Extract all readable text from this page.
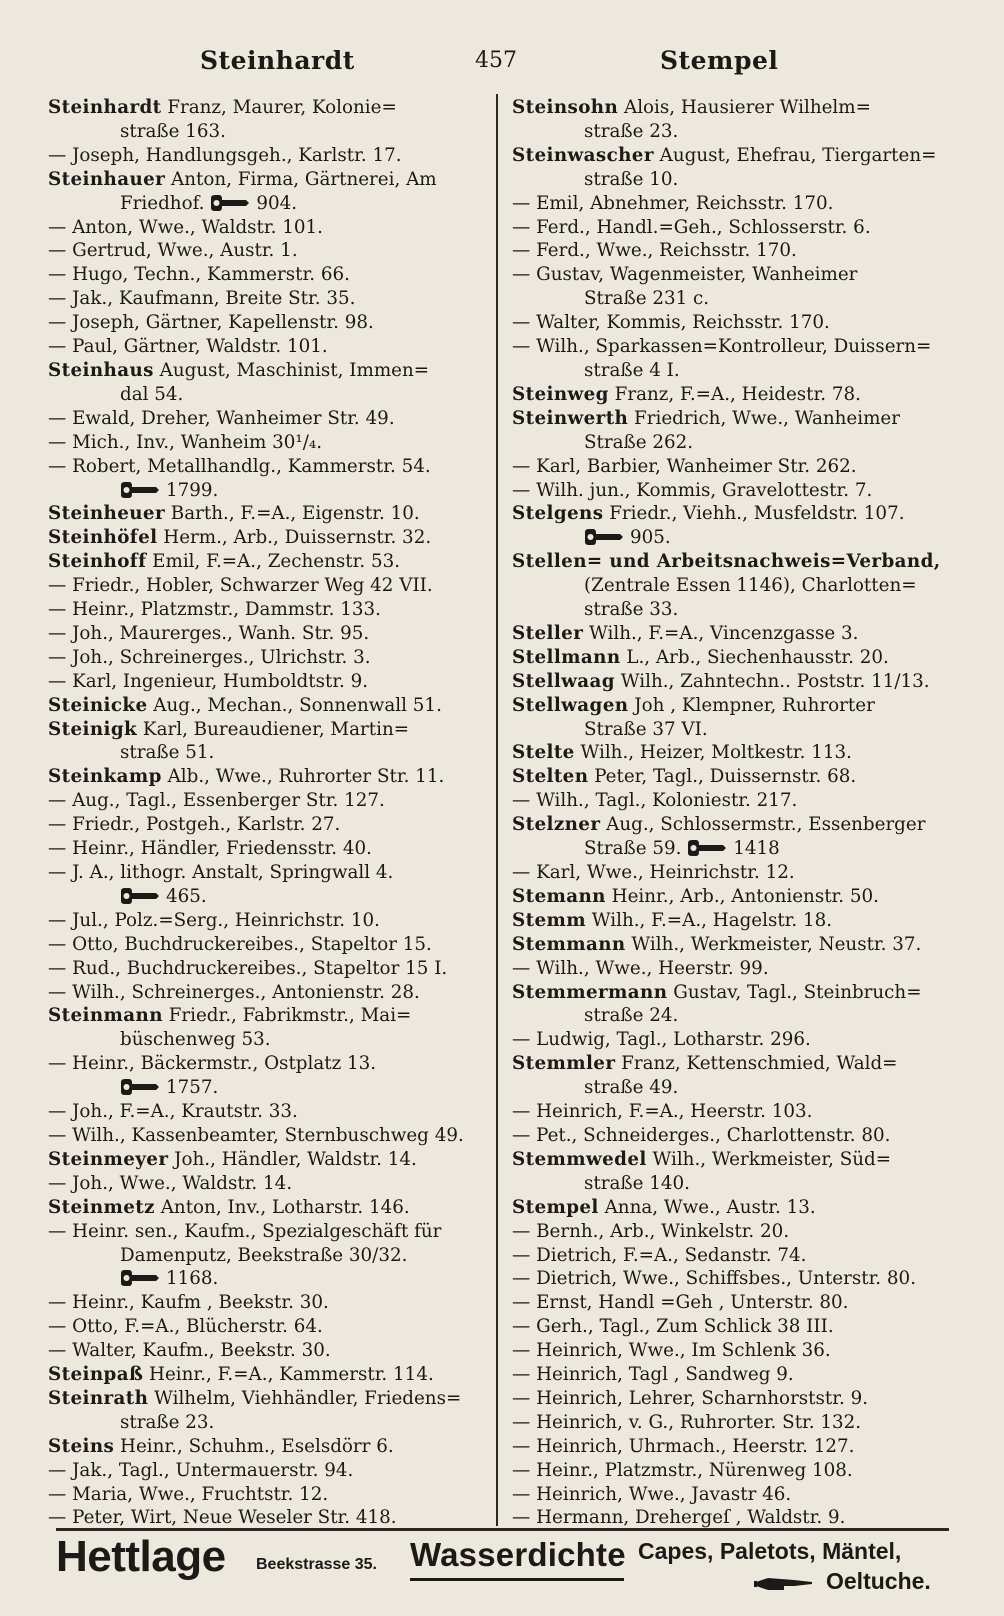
Steinhardt	457	Stempel
Steinhardt Franz, Maurer, Kolonie=
straße 163.
— Joseph, Handlungsgeh., Karlstr. 17.
Steinhauer Anton, Firma, Gärtnerei, Am
Friedhof.	904.
— Anton, Wwe., Waldstr. 101.
— Gertrud, Wwe., Austr. 1.
— Hugo, Techn., Kammerstr. 66.
— Jak., Kaufmann, Breite Str. 35.
— Joseph, Gärtner, Kapellenstr. 98.
— Paul, Gärtner, Waldstr. 101.
Steinhaus August, Maschinist, Immen=
dal 54.
— Ewald, Dreher, Wanheimer Str. 49.
— Mich., Inv., Wanheim 30¹/₄.
— Robert, Metallhandlg., Kammerstr. 54.
1799.
Steinheuer Barth., F.=A., Eigenstr. 10.
Steinhöfel Herm., Arb., Duissernstr. 32.
Steinhoff Emil, F.=A., Zechenstr. 53.
— Friedr., Hobler, Schwarzer Weg 42 VII.
— Heinr., Platzmstr., Dammstr. 133.
— Joh., Maurerges., Wanh. Str. 95.
— Joh., Schreinerges., Ulrichstr. 3.
— Karl, Ingenieur, Humboldtstr. 9.
Steinicke Aug., Mechan., Sonnenwall 51.
Steinigk Karl, Bureaudiener, Martin=
straße 51.
Steinkamp Alb., Wwe., Ruhrorter Str. 11.
— Aug., Tagl., Essenberger Str. 127.
— Friedr., Postgeh., Karlstr. 27.
— Heinr., Händler, Friedensstr. 40.
— J. A., lithogr. Anstalt, Springwall 4.
465.
— Jul., Polz.=Serg., Heinrichstr. 10.
— Otto, Buchdruckereibes., Stapeltor 15.
— Rud., Buchdruckereibes., Stapeltor 15 I.
— Wilh., Schreinerges., Antonienstr. 28.
Steinmann Friedr., Fabrikmstr., Mai=
büschenweg 53.
— Heinr., Bäckermstr., Ostplatz 13.
1757.
— Joh., F.=A., Krautstr. 33.
— Wilh., Kassenbeamter, Sternbuschweg 49.
Steinmeyer Joh., Händler, Waldstr. 14.
— Joh., Wwe., Waldstr. 14.
Steinmetz Anton, Inv., Lotharstr. 146.
— Heinr. sen., Kaufm., Spezialgeschäft für
Damenputz, Beekstraße 30/32.
1168.
— Heinr., Kaufm , Beekstr. 30.
— Otto, F.=A., Blücherstr. 64.
— Walter, Kaufm., Beekstr. 30.
Steinpaß Heinr., F.=A., Kammerstr. 114.
Steinrath Wilhelm, Viehhändler, Friedens=
straße 23.
Steins Heinr., Schuhm., Eselsdörr 6.
— Jak., Tagl., Untermauerstr. 94.
— Maria, Wwe., Fruchtstr. 12.
— Peter, Wirt, Neue Weseler Str. 418.
Steinsohn Alois, Hausierer Wilhelm=
straße 23.
Steinwascher August, Ehefrau, Tiergarten=
straße 10.
— Emil, Abnehmer, Reichsstr. 170.
— Ferd., Handl.=Geh., Schlosserstr. 6.
— Ferd., Wwe., Reichsstr. 170.
— Gustav, Wagenmeister, Wanheimer
Straße 231 c.
— Walter, Kommis, Reichsstr. 170.
— Wilh., Sparkassen=Kontrolleur, Duissern=
straße 4 I.
Steinweg Franz, F.=A., Heidestr. 78.
Steinwerth Friedrich, Wwe., Wanheimer
Straße 262.
— Karl, Barbier, Wanheimer Str. 262.
— Wilh. jun., Kommis, Gravelottestr. 7.
Stelgens Friedr., Viehh., Musfeldstr. 107.
905.
Stellen= und Arbeitsnachweis=Verband,
(Zentrale Essen 1146), Charlotten=
straße 33.
Steller Wilh., F.=A., Vincenzgasse 3.
Stellmann L., Arb., Siechenhausstr. 20.
Stellwaag Wilh., Zahntechn.. Poststr. 11/13.
Stellwagen Joh , Klempner, Ruhrorter
Straße 37 VI.
Stelte Wilh., Heizer, Moltkestr. 113.
Stelten Peter, Tagl., Duissernstr. 68.
— Wilh., Tagl., Koloniestr. 217.
Stelzner Aug., Schlossermstr., Essenberger
Straße 59.	1418
— Karl, Wwe., Heinrichstr. 12.
Stemann Heinr., Arb., Antonienstr. 50.
Stemm Wilh., F.=A., Hagelstr. 18.
Stemmann Wilh., Werkmeister, Neustr. 37.
— Wilh., Wwe., Heerstr. 99.
Stemmermann Gustav, Tagl., Steinbruch=
straße 24.
— Ludwig, Tagl., Lotharstr. 296.
Stemmler Franz, Kettenschmied, Wald=
straße 49.
— Heinrich, F.=A., Heerstr. 103.
— Pet., Schneiderges., Charlottenstr. 80.
Stemmwedel Wilh., Werkmeister, Süd=
straße 140.
Stempel Anna, Wwe., Austr. 13.
— Bernh., Arb., Winkelstr. 20.
— Dietrich, F.=A., Sedanstr. 74.
— Dietrich, Wwe., Schiffsbes., Unterstr. 80.
— Ernst, Handl =Geh , Unterstr. 80.
— Gerh., Tagl., Zum Schlick 38 III.
— Heinrich, Wwe., Im Schlenk 36.
— Heinrich, Tagl , Sandweg 9.
— Heinrich, Lehrer, Scharnhorststr. 9.
— Heinrich, v. G., Ruhrorter. Str. 132.
— Heinrich, Uhrmach., Heerstr. 127.
— Heinr., Platzmstr., Nürenweg 108.
— Heinrich, Wwe., Javastr 46.
— Hermann, Drehergeſ , Waldstr. 9.
Hettlage Beekstrasse 35. Wasserdichte Capes, Paletots, Mäntel,
Oeltuche.
